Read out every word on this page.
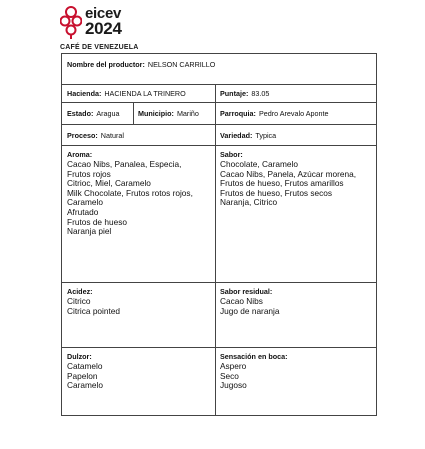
eicev
2024
CAFÉ DE VENEZUELA
Nombre del productor: NELSON CARRILLO
Hacienda: HACIENDA LA TRINERO	Puntaje: 83.05
Estado: Aragua	Municipio: Mariño	Parroquia: Pedro Arevalo Aponte
Proceso: Natural	Variedad: Typica
Aroma:
Cacao Nibs, Panalea, Especia,
Frutos rojos
Citrioc, Miel, Caramelo
Milk Chocolate, Frutos rotos rojos,
Caramelo
Afrutado
Frutos de hueso
Naranja piel
Sabor:
Chocolate, Caramelo
Cacao Nibs, Panela, Azúcar morena,
Frutos de hueso, Frutos amarillos
Frutos de hueso, Frutos secos
Naranja, Citrico
Acidez:
Citrico
Citrica pointed
Sabor residual:
Cacao Nibs
Jugo de naranja
Dulzor:
Catamelo
Papelon
Caramelo
Sensación en boca:
Aspero
Seco
Jugoso
